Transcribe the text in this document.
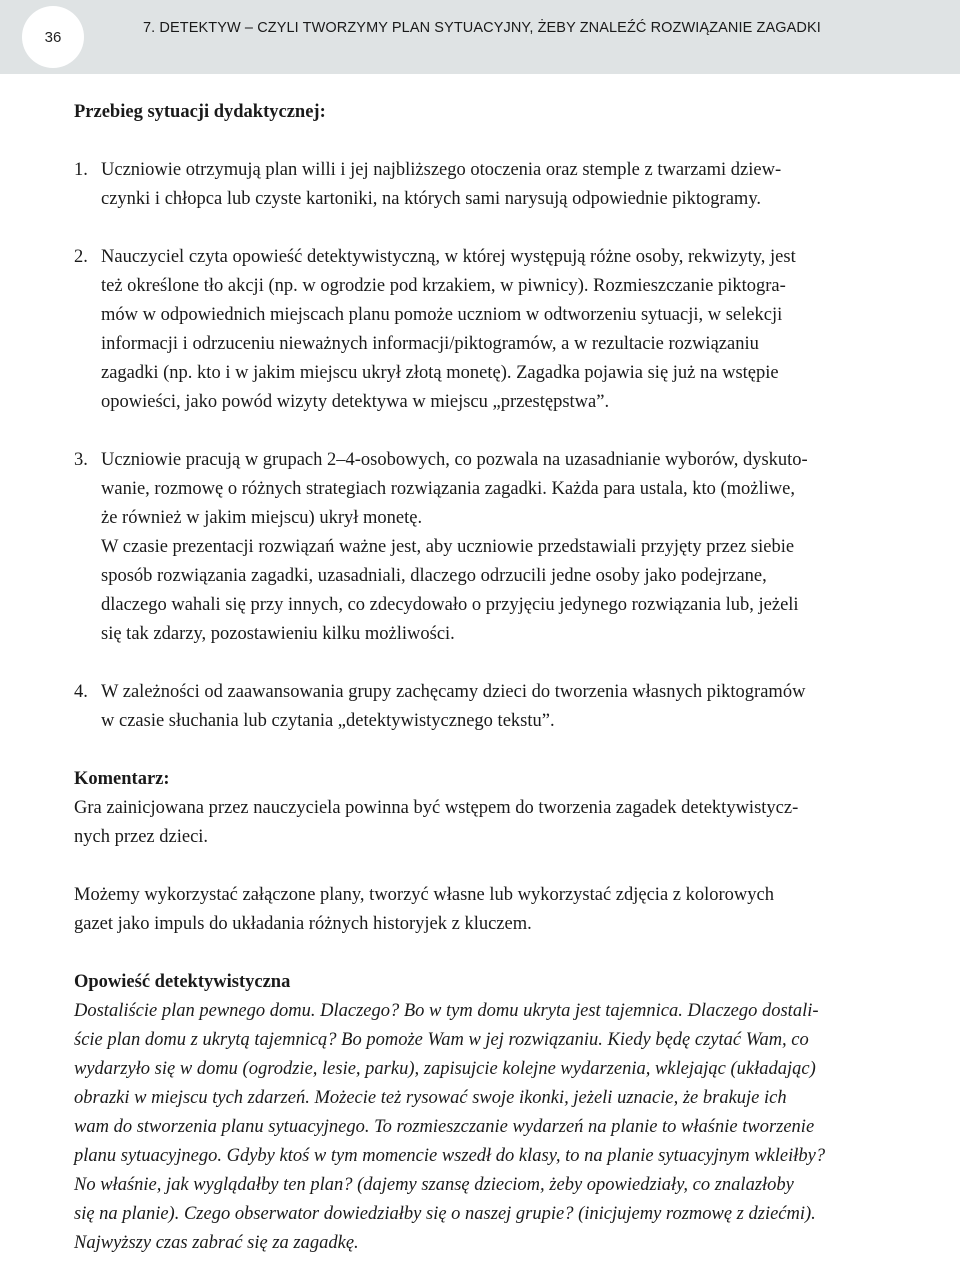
36
7. DETEKTYW – CZYLI TWORZYMY PLAN SYTUACYJNY, ŻEBY ZNALEŹĆ ROZWIĄZANIE ZAGADKI

Przebieg sytuacji dydaktycznej:

1. Uczniowie otrzymują plan willi i jej najbliższego otoczenia oraz stemple z twarzami dziew-
czynki i chłopca lub czyste kartoniki, na których sami narysują odpowiednie piktogramy.
2. Nauczyciel czyta opowieść detektywistyczną, w której występują różne osoby, rekwizyty, jest
też określone tło akcji (np. w ogrodzie pod krzakiem, w piwnicy). Rozmieszczanie piktogra-
mów w odpowiednich miejscach planu pomoże uczniom w odtworzeniu sytuacji, w selekcji
informacji i odrzuceniu nieważnych informacji/piktogramów, a w rezultacie rozwiązaniu
zagadki (np. kto i w jakim miejscu ukrył złotą monetę). Zagadka pojawia się już na wstępie
opowieści, jako powód wizyty detektywa w miejscu „przestępstwa”.
3. Uczniowie pracują w grupach 2–4-osobowych, co pozwala na uzasadnianie wyborów, dyskuto-
wanie, rozmowę o różnych strategiach rozwiązania zagadki. Każda para ustala, kto (możliwe,
że również w jakim miejscu) ukrył monetę.
W czasie prezentacji rozwiązań ważne jest, aby uczniowie przedstawiali przyjęty przez siebie
sposób rozwiązania zagadki, uzasadniali, dlaczego odrzucili jedne osoby jako podejrzane,
dlaczego wahali się przy innych, co zdecydowało o przyjęciu jedynego rozwiązania lub, jeżeli
się tak zdarzy, pozostawieniu kilku możliwości.
4. W zależności od zaawansowania grupy zachęcamy dzieci do tworzenia własnych piktogramów
w czasie słuchania lub czytania „detektywistycznego tekstu”.

Komentarz:

Gra zainicjowana przez nauczyciela powinna być wstępem do tworzenia zagadek detektywistycz-
nych przez dzieci.
Możemy wykorzystać załączone plany, tworzyć własne lub wykorzystać zdjęcia z kolorowych
gazet jako impuls do układania różnych historyjek z kluczem.

Opowieść detektywistyczna

Dostaliście plan pewnego domu. Dlaczego? Bo w tym domu ukryta jest tajemnica. Dlaczego dostali-
ście plan domu z ukrytą tajemnicą? Bo pomoże Wam w jej rozwiązaniu. Kiedy będę czytać Wam, co
wydarzyło się w domu (ogrodzie, lesie, parku), zapisujcie kolejne wydarzenia, wklejając (układając)
obrazki w miejscu tych zdarzeń. Możecie też rysować swoje ikonki, jeżeli uznacie, że brakuje ich
wam do stworzenia planu sytuacyjnego. To rozmieszczanie wydarzeń na planie to właśnie tworzenie
planu sytuacyjnego. Gdyby ktoś w tym momencie wszedł do klasy, to na planie sytuacyjnym wkleiłby?
No właśnie, jak wyglądałby ten plan? (dajemy szansę dzieciom, żeby opowiedziały, co znalazłoby
się na planie). Czego obserwator dowiedziałby się o naszej grupie? (inicjujemy rozmowę z dziećmi).
Najwyższy czas zabrać się za zagadkę.
